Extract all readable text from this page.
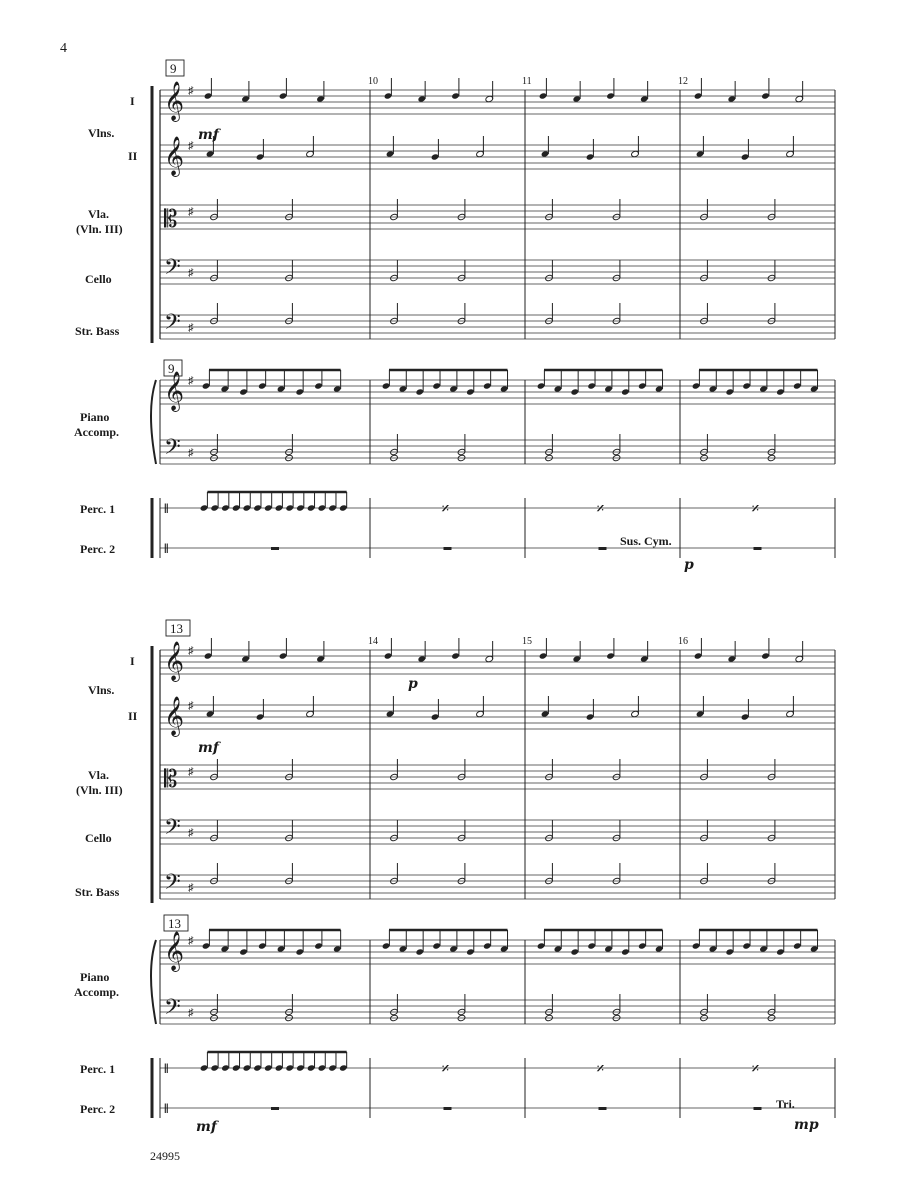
4
24995
9
10	11	12
I
Vlns.
II
Vla.
(Vln. III)
Cello
Str. Bass
Piano
Accomp.
Perc. 1
Perc. 2
9
mf
p
Sus. Cym.
13
14	15	16
I
Vlns.
II
Vla.
(Vln. III)
Cello
Str. Bass
Piano
Accomp.
Perc. 1
Perc. 2
13
p
mf
mf	mp
Tri.
𝄞 ♯
𝄞 ♯
𝄡 ♯
𝄢 ♯
𝄢 ♯
𝄞 ♯
𝄢 ♯
‖
‖
𝄎	𝄎	𝄎
𝄞 ♯
𝄞 ♯
𝄡 ♯
𝄢 ♯
𝄢 ♯
𝄞 ♯
𝄢 ♯
‖
‖
𝄎	𝄎	𝄎
